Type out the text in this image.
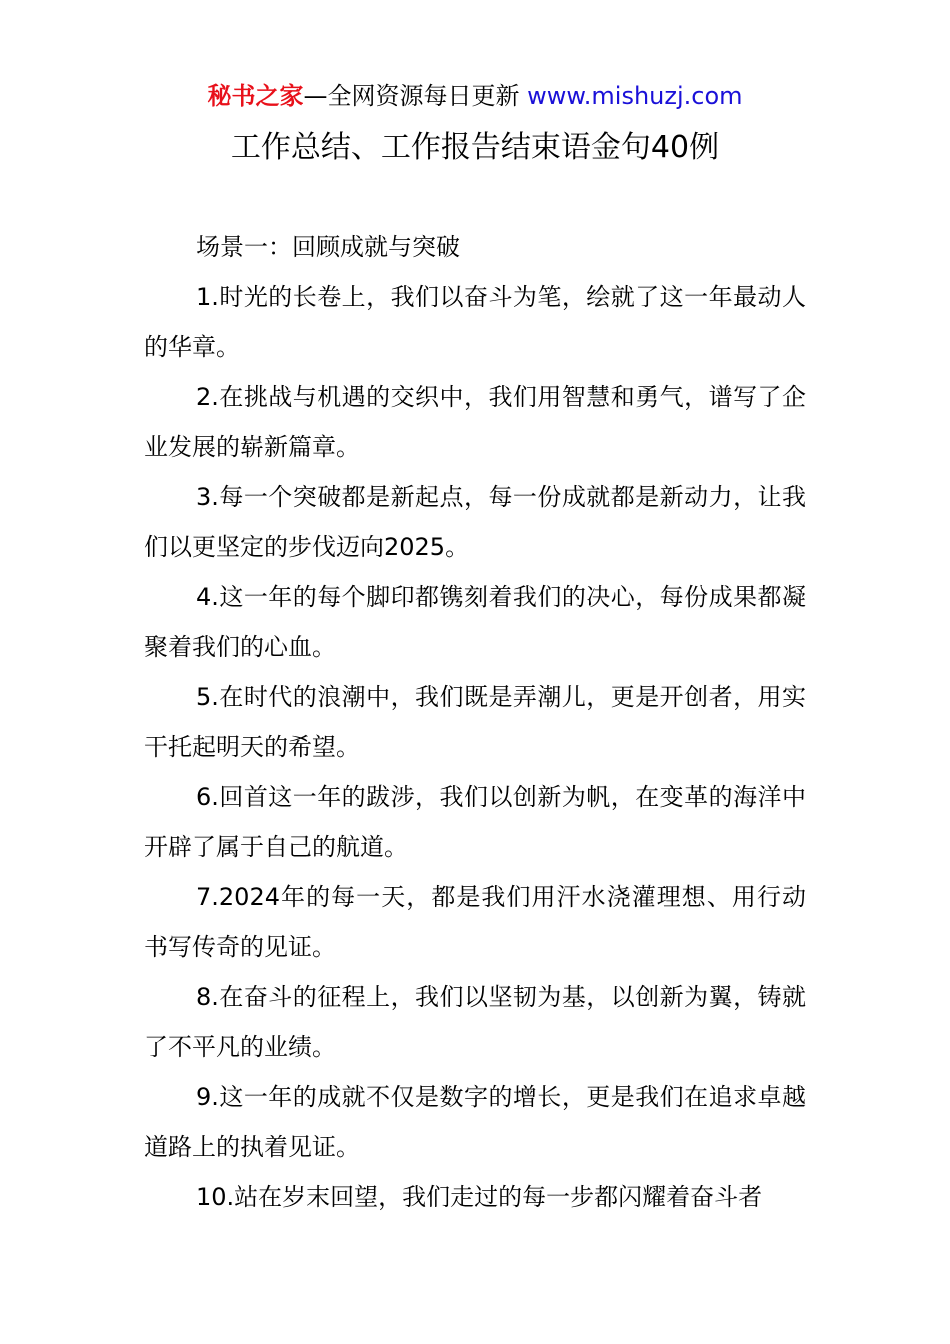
秘书之家—全网资源每日更新 www.mishuzj.com
工作总结、工作报告结束语金句40例

场景一：回顾成就与突破

1.时光的长卷上，我们以奋斗为笔，绘就了这一年最动人的华章。

2.在挑战与机遇的交织中，我们用智慧和勇气，谱写了企业发展的崭新篇章。

3.每一个突破都是新起点，每一份成就都是新动力，让我们以更坚定的步伐迈向2025。

4.这一年的每个脚印都镌刻着我们的决心，每份成果都凝聚着我们的心血。

5.在时代的浪潮中，我们既是弄潮儿，更是开创者，用实干托起明天的希望。

6.回首这一年的跋涉，我们以创新为帆，在变革的海洋中开辟了属于自己的航道。

7.2024年的每一天，都是我们用汗水浇灌理想、用行动书写传奇的见证。

8.在奋斗的征程上，我们以坚韧为基，以创新为翼，铸就了不平凡的业绩。

9.这一年的成就不仅是数字的增长，更是我们在追求卓越道路上的执着见证。

10.站在岁末回望，我们走过的每一步都闪耀着奋斗者
